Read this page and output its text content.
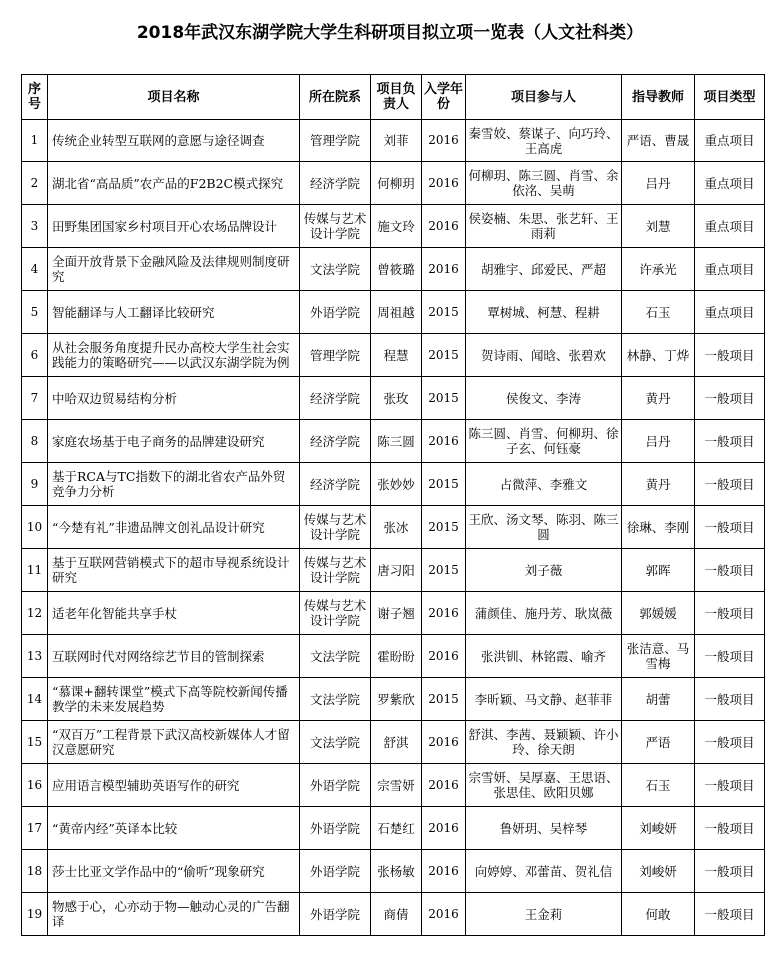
2018年武汉东湖学院大学生科研项目拟立项一览表（人文社科类）
序号	项目名称	所在院系	项目负责人	入学年份	项目参与人	指导教师	项目类型
1	传统企业转型互联网的意愿与途径调查	管理学院	刘菲	2016	秦雪姣、蔡谋子、向巧玲、王高虎	严语、曹晟	重点项目
2	湖北省“高品质”农产品的F2B2C模式探究	经济学院	何柳玥	2016	何柳玥、陈三圆、肖雪、余依洺、吴萌	吕丹	重点项目
3	田野集团国家乡村项目开心农场品牌设计	传媒与艺术设计学院	施文玲	2016	侯姿楠、朱思、张艺轩、王雨莉	刘慧	重点项目
4	全面开放背景下金融风险及法律规则制度研究	文法学院	曾筱璐	2016	胡雅宇、邱爱民、严超	许承光	重点项目
5	智能翻译与人工翻译比较研究	外语学院	周祖越	2015	覃树城、柯慧、程耕	石玉	重点项目
6	从社会服务角度提升民办高校大学生社会实践能力的策略研究——以武汉东湖学院为例	管理学院	程慧	2015	贺诗雨、闻晗、张碧欢	林静、丁烨	一般项目
7	中哈双边贸易结构分析	经济学院	张玫	2015	侯俊文、李涛	黄丹	一般项目
8	家庭农场基于电子商务的品牌建设研究	经济学院	陈三圆	2016	陈三圆、肖雪、何柳玥、徐子玄、何钰豪	吕丹	一般项目
9	基于RCA与TC指数下的湖北省农产品外贸竞争力分析	经济学院	张妙妙	2015	占微萍、李雅文	黄丹	一般项目
10	“今楚有礼”非遗品牌文创礼品设计研究	传媒与艺术设计学院	张冰	2015	王欣、汤文琴、陈羽、陈三圆	徐琳、李刚	一般项目
11	基于互联网营销模式下的超市导视系统设计研究	传媒与艺术设计学院	唐习阳	2015	刘子薇	郭晖	一般项目
12	适老年化智能共享手杖	传媒与艺术设计学院	谢子翘	2016	蒲颜佳、施丹芳、耿岚薇	郭媛媛	一般项目
13	互联网时代对网络综艺节目的管制探索	文法学院	霍盼盼	2016	张洪钏、林铭霞、喻齐	张洁意、马雪梅	一般项目
14	“慕课+翻转课堂”模式下高等院校新闻传播教学的未来发展趋势	文法学院	罗紫欣	2015	李昕颖、马文静、赵菲菲	胡蕾	一般项目
15	“双百万”工程背景下武汉高校新媒体人才留汉意愿研究	文法学院	舒淇	2016	舒淇、李茜、聂颖颖、许小玲、徐天朗	严语	一般项目
16	应用语言模型辅助英语写作的研究	外语学院	宗雪妍	2016	宗雪妍、吴厚嘉、王思语、张思佳、欧阳贝娜	石玉	一般项目
17	“黄帝内经”英译本比较	外语学院	石楚红	2016	鲁妍玥、吴梓琴	刘峻妍	一般项目
18	莎士比亚文学作品中的“偷听”现象研究	外语学院	张杨敏	2016	向婷婷、邓蕾苗、贺礼信	刘峻妍	一般项目
19	物感于心，心亦动于物—触动心灵的广告翻译	外语学院	商倩	2016	王金莉	何敢	一般项目
